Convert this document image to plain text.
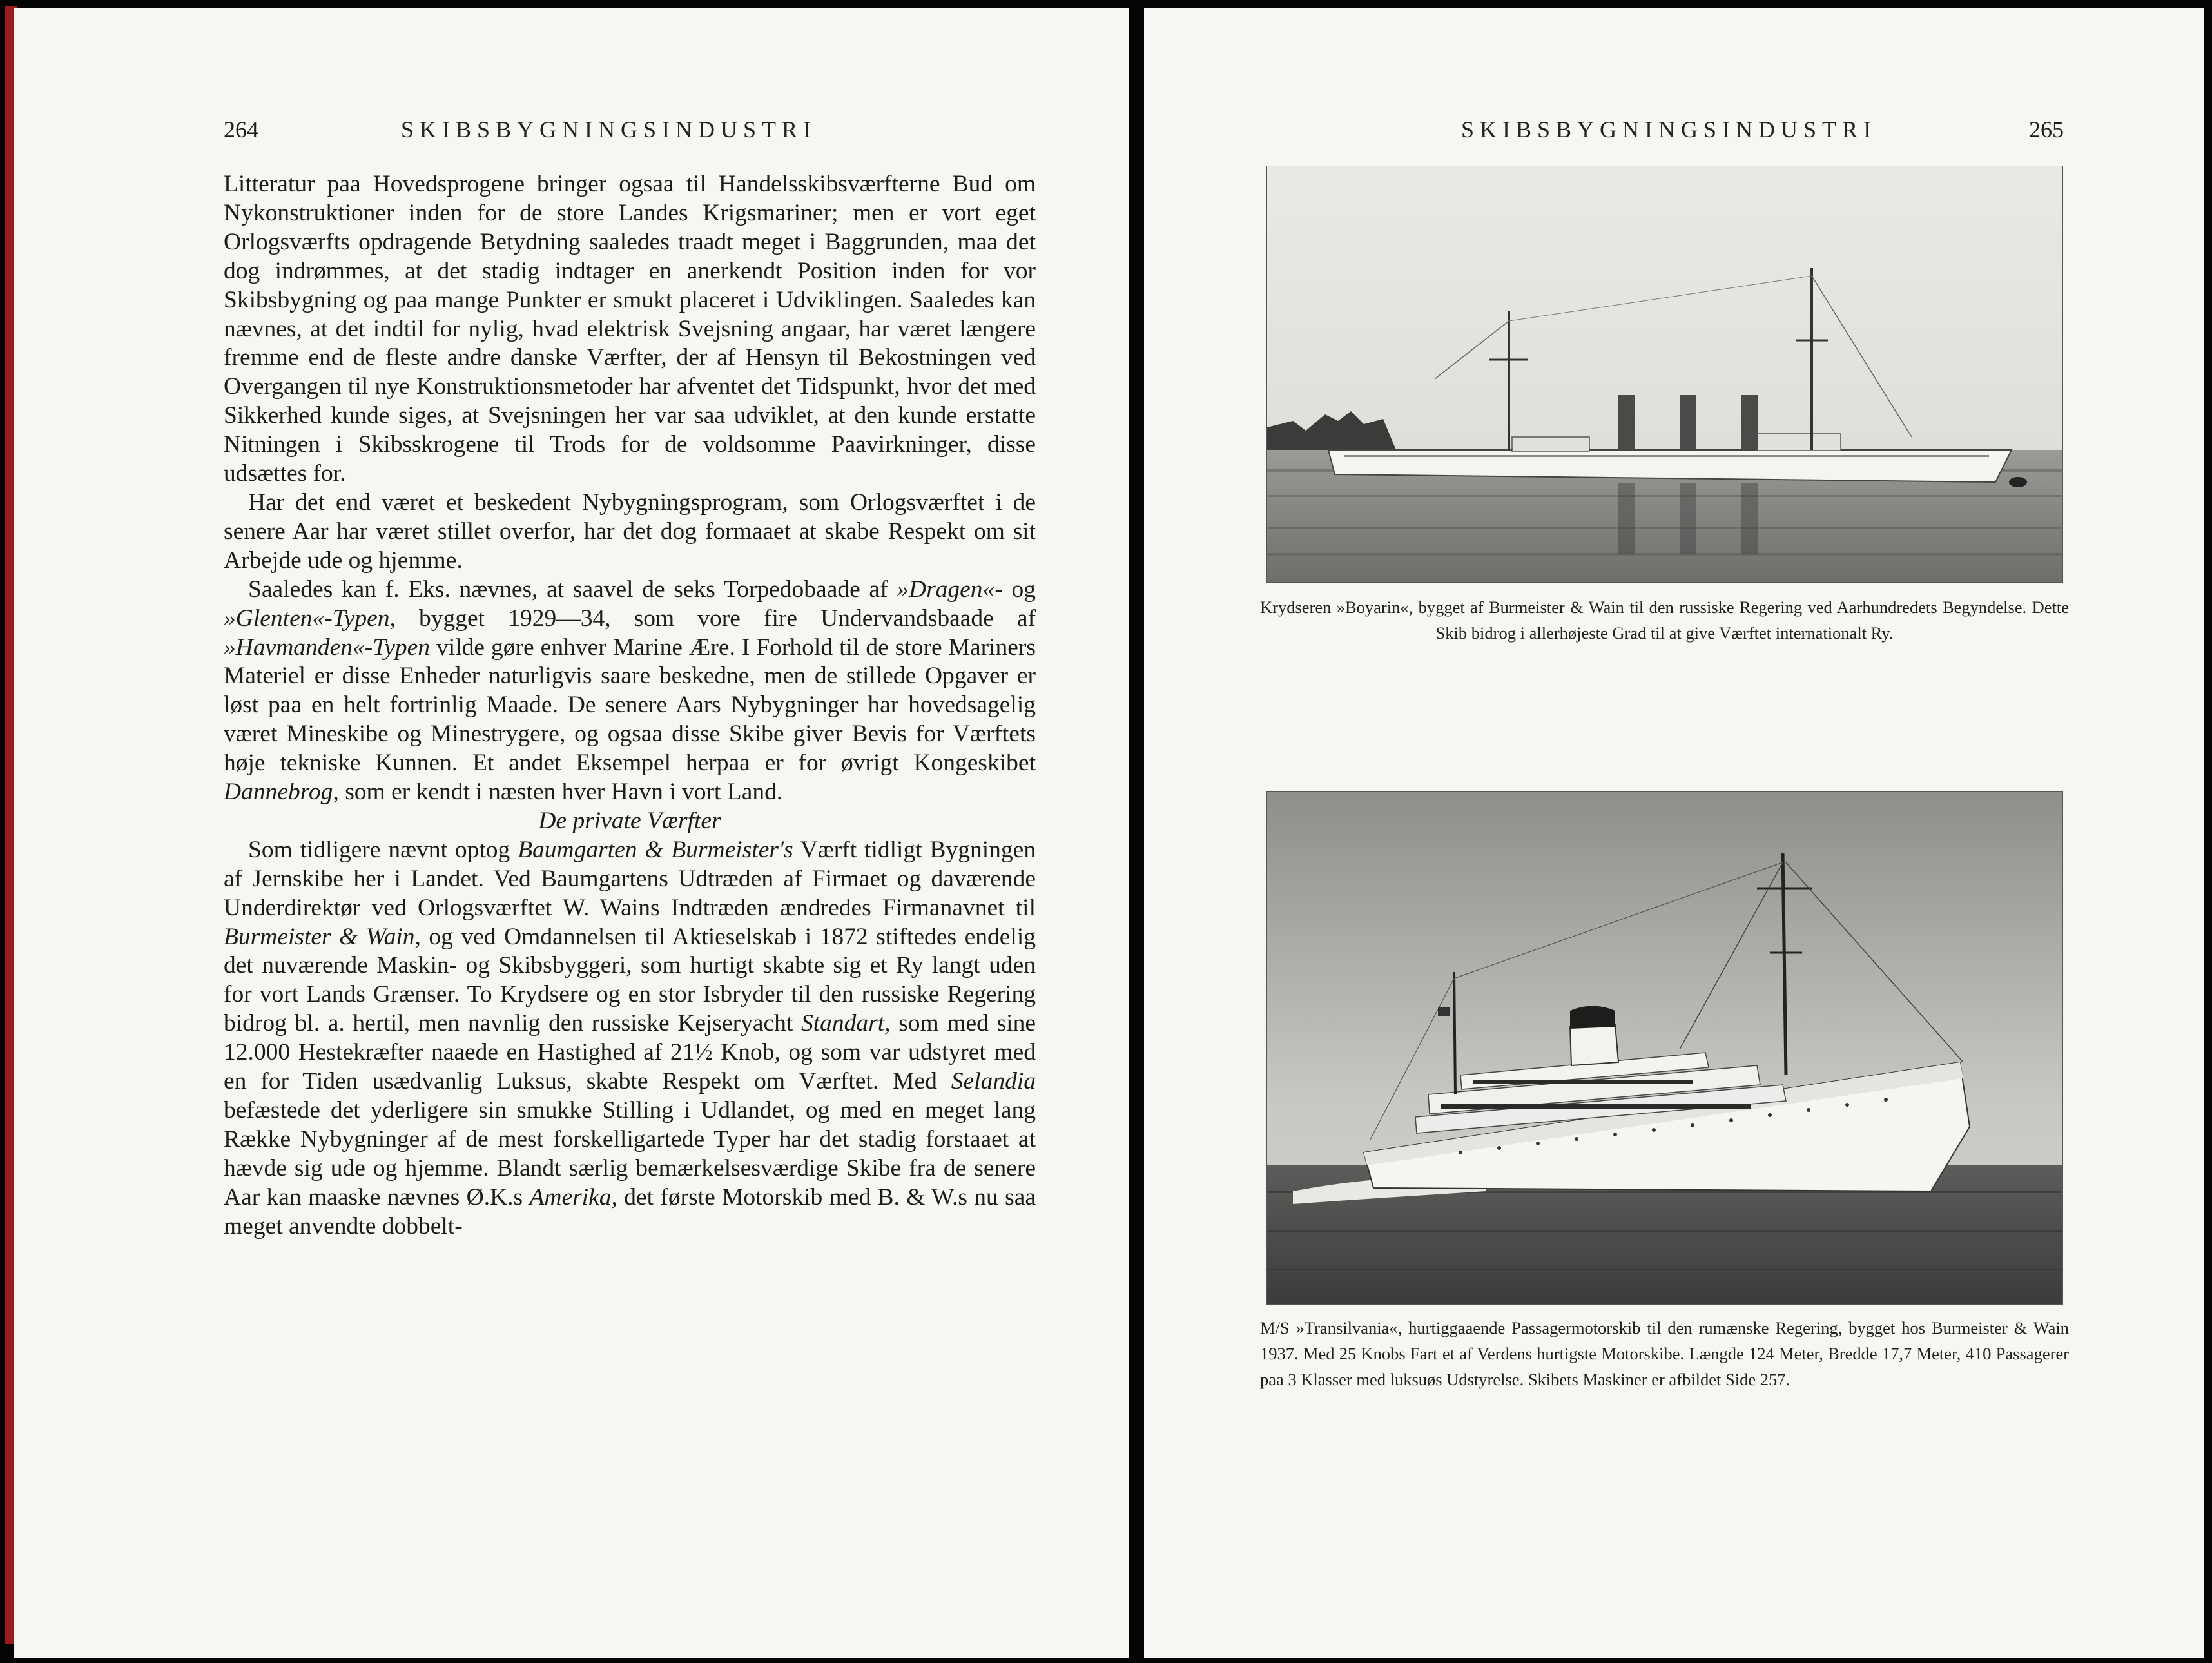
264	SKIBSBYGNINGSINDUSTRI

Litteratur paa Hovedsprogene bringer ogsaa til Handelsskibsværfterne Bud om Nykonstruktioner inden for de store Landes Krigsmariner; men er vort eget Orlogsværfts opdragende Betydning saaledes traadt meget i Baggrunden, maa det dog indrømmes, at det stadig indtager en anerkendt Position inden for vor Skibsbygning og paa mange Punkter er smukt placeret i Udviklingen. Saaledes kan nævnes, at det indtil for nylig, hvad elektrisk Svejsning angaar, har været længere fremme end de fleste andre danske Værfter, der af Hensyn til Bekostningen ved Overgangen til nye Konstruktionsmetoder har afventet det Tidspunkt, hvor det med Sikkerhed kunde siges, at Svejsningen her var saa udviklet, at den kunde erstatte Nitningen i Skibsskrogene til Trods for de voldsomme Paavirkninger, disse udsættes for.

Har det end været et beskedent Nybygningsprogram, som Orlogsværftet i de senere Aar har været stillet overfor, har det dog formaaet at skabe Respekt om sit Arbejde ude og hjemme.

Saaledes kan f. Eks. nævnes, at saavel de seks Torpedobaade af »Dragen«- og »Glenten«-Typen, bygget 1929—34, som vore fire Undervandsbaade af »Havmanden«-Typen vilde gøre enhver Marine Ære. I Forhold til de store Mariners Materiel er disse Enheder naturligvis saare beskedne, men de stillede Opgaver er løst paa en helt fortrinlig Maade. De senere Aars Nybygninger har hovedsagelig været Mineskibe og Minestrygere, og ogsaa disse Skibe giver Bevis for Værftets høje tekniske Kunnen. Et andet Eksempel herpaa er for øvrigt Kongeskibet Dannebrog, som er kendt i næsten hver Havn i vort Land.

De private Værfter

Som tidligere nævnt optog Baumgarten & Burmeister's Værft tidligt Bygningen af Jernskibe her i Landet. Ved Baumgartens Udtræden af Firmaet og daværende Underdirektør ved Orlogsværftet W. Wains Indtræden ændredes Firmanavnet til Burmeister & Wain, og ved Omdannelsen til Aktieselskab i 1872 stiftedes endelig det nuværende Maskin- og Skibsbyggeri, som hurtigt skabte sig et Ry langt uden for vort Lands Grænser. To Krydsere og en stor Isbryder til den russiske Regering bidrog bl. a. hertil, men navnlig den russiske Kejseryacht Standart, som med sine 12.000 Hestekræfter naaede en Hastighed af 21½ Knob, og som var udstyret med en for Tiden usædvanlig Luksus, skabte Respekt om Værftet. Med Selandia befæstede det yderligere sin smukke Stilling i Udlandet, og med en meget lang Række Nybygninger af de mest forskelligartede Typer har det stadig forstaaet at hævde sig ude og hjemme. Blandt særlig bemærkelsesværdige Skibe fra de senere Aar kan maaske nævnes Ø.K.s Amerika, det første Motorskib med B. & W.s nu saa meget anvendte dobbelt-

SKIBSBYGNINGSINDUSTRI	265
Krydseren »Boyarin«, bygget af Burmeister & Wain til den russiske Regering ved Aarhundredets Begyndelse. Dette Skib bidrog i allerhøjeste Grad til at give Værftet internationalt Ry.
M/S »Transilvania«, hurtiggaaende Passagermotorskib til den rumænske Regering, bygget hos Burmeister & Wain 1937. Med 25 Knobs Fart et af Verdens hurtigste Motorskibe. Længde 124 Meter, Bredde 17,7 Meter, 410 Passagerer paa 3 Klasser med luksuøs Udstyrelse. Skibets Maskiner er afbildet Side 257.
